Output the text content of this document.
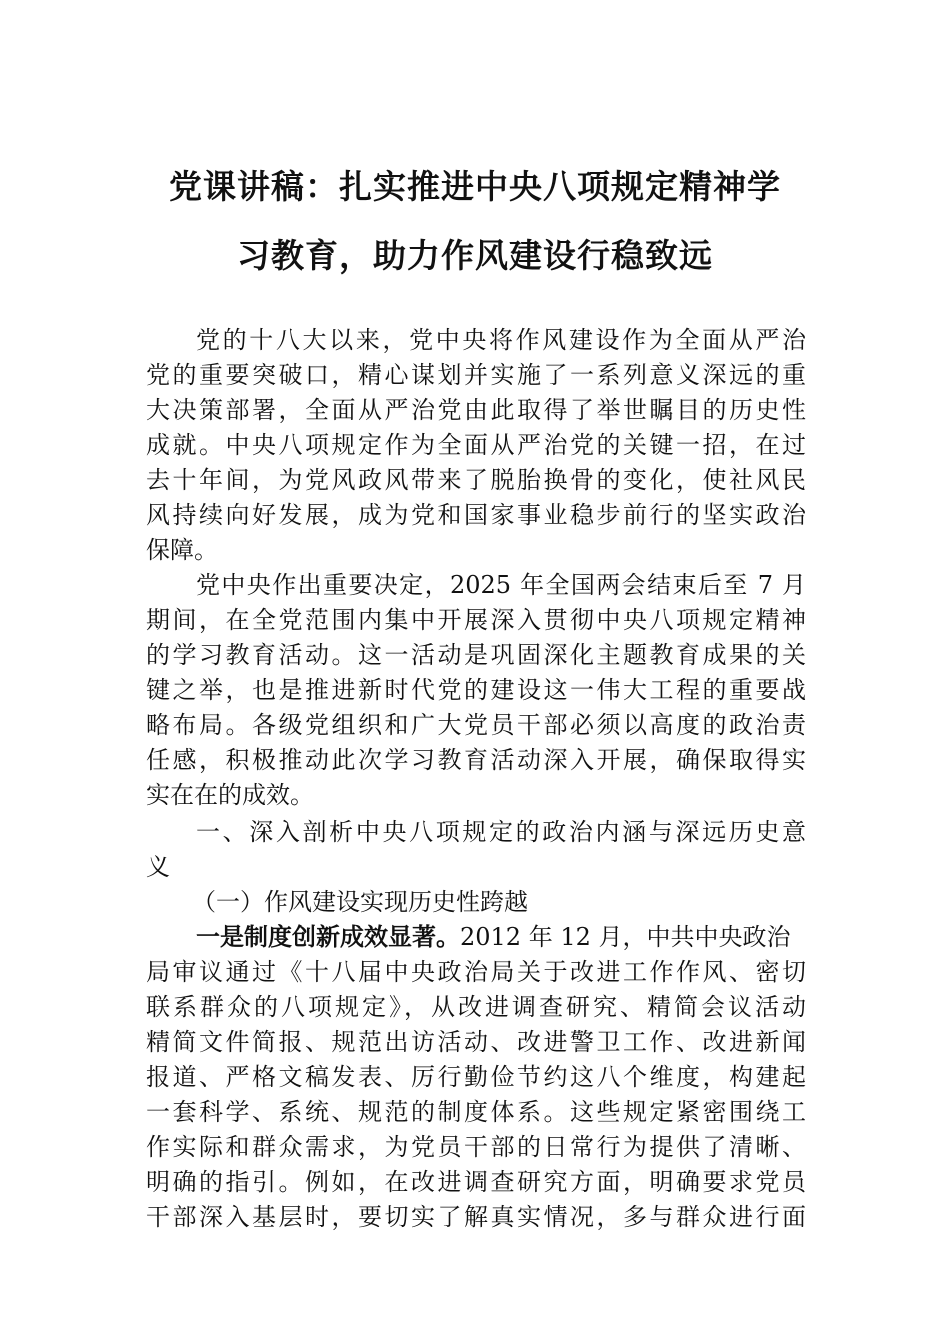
党课讲稿：扎实推进中央八项规定精神学
习教育，助力作风建设行稳致远
党的十八大以来，党中央将作风建设作为全面从严治
党的重要突破口，精心谋划并实施了一系列意义深远的重
大决策部署，全面从严治党由此取得了举世瞩目的历史性
成就。中央八项规定作为全面从严治党的关键一招，在过
去十年间，为党风政风带来了脱胎换骨的变化，使社风民
风持续向好发展，成为党和国家事业稳步前行的坚实政治
保障。
党中央作出重要决定，2025 年全国两会结束后至 7 月
期间，在全党范围内集中开展深入贯彻中央八项规定精神
的学习教育活动。这一活动是巩固深化主题教育成果的关
键之举，也是推进新时代党的建设这一伟大工程的重要战
略布局。各级党组织和广大党员干部必须以高度的政治责
任感，积极推动此次学习教育活动深入开展，确保取得实
实在在的成效。
一、深入剖析中央八项规定的政治内涵与深远历史意
义
（一）作风建设实现历史性跨越
一是制度创新成效显著。2012 年 12 月，中共中央政治
局审议通过《十八届中央政治局关于改进工作作风、密切
联系群众的八项规定》，从改进调查研究、精简会议活动
精简文件简报、规范出访活动、改进警卫工作、改进新闻
报道、严格文稿发表、厉行勤俭节约这八个维度，构建起
一套科学、系统、规范的制度体系。这些规定紧密围绕工
作实际和群众需求，为党员干部的日常行为提供了清晰、
明确的指引。例如，在改进调查研究方面，明确要求党员
干部深入基层时，要切实了解真实情况，多与群众进行面
